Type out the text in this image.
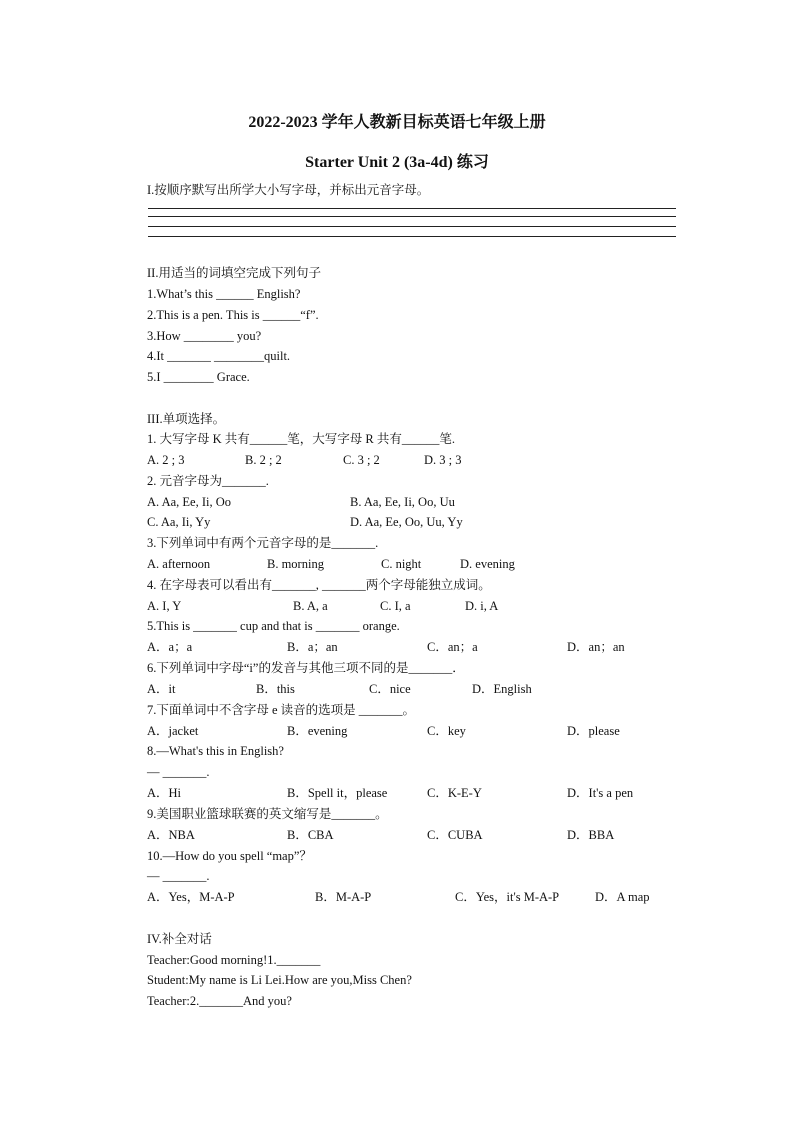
2022-2023 学年人教新目标英语七年级上册
Starter Unit 2 (3a-4d) 练习
I.按顺序默写出所学大小写字母，并标出元音字母。
II.用适当的词填空完成下列句子
1.What’s this ______ English?
2.This is a pen. This is ______“f”.
3.How ________ you?
4.It _______ ________quilt.
5.I ________ Grace.
III.单项选择。
1. 大写字母 K 共有______笔，大写字母 R 共有______笔.
A. 2 ; 3	B. 2 ; 2	C. 3 ; 2	D. 3 ; 3
2. 元音字母为_______.
A. Aa, Ee, Ii, Oo	B. Aa, Ee, Ii, Oo, Uu
C. Aa, Ii, Yy	D. Aa, Ee, Oo, Uu, Yy
3.下列单词中有两个元音字母的是_______.
A. afternoon	B. morning	C. night	D. evening
4. 在字母表可以看出有_______, _______两个字母能独立成词。
A. I, Y	B. A, a	C. I, a	D. i, A
5.This is _______ cup and that is _______ orange.
A．a；a	B．a；an	C．an；a	D．an；an
6.下列单词中字母“i”的发音与其他三项不同的是_______．
A．it	B．this	C．nice	D．English
7.下面单词中不含字母 e 读音的选项是 _______。
A．jacket	B．evening	C．key	D．please
8.—What's this in English?
— _______.
A．Hi	B．Spell it，please	C．K-E-Y	D．It's a pen
9.美国职业篮球联赛的英文缩写是_______。
A．NBA	B．CBA	C．CUBA	D．BBA
10.—How do you spell “map”？
— _______.
A．Yes，M-A-P	B．M-A-P	C．Yes，it's M-A-P	D．A map
IV.补全对话
Teacher:Good morning!1._______
Student:My name is Li Lei.How are you,Miss Chen?
Teacher:2._______And you?
